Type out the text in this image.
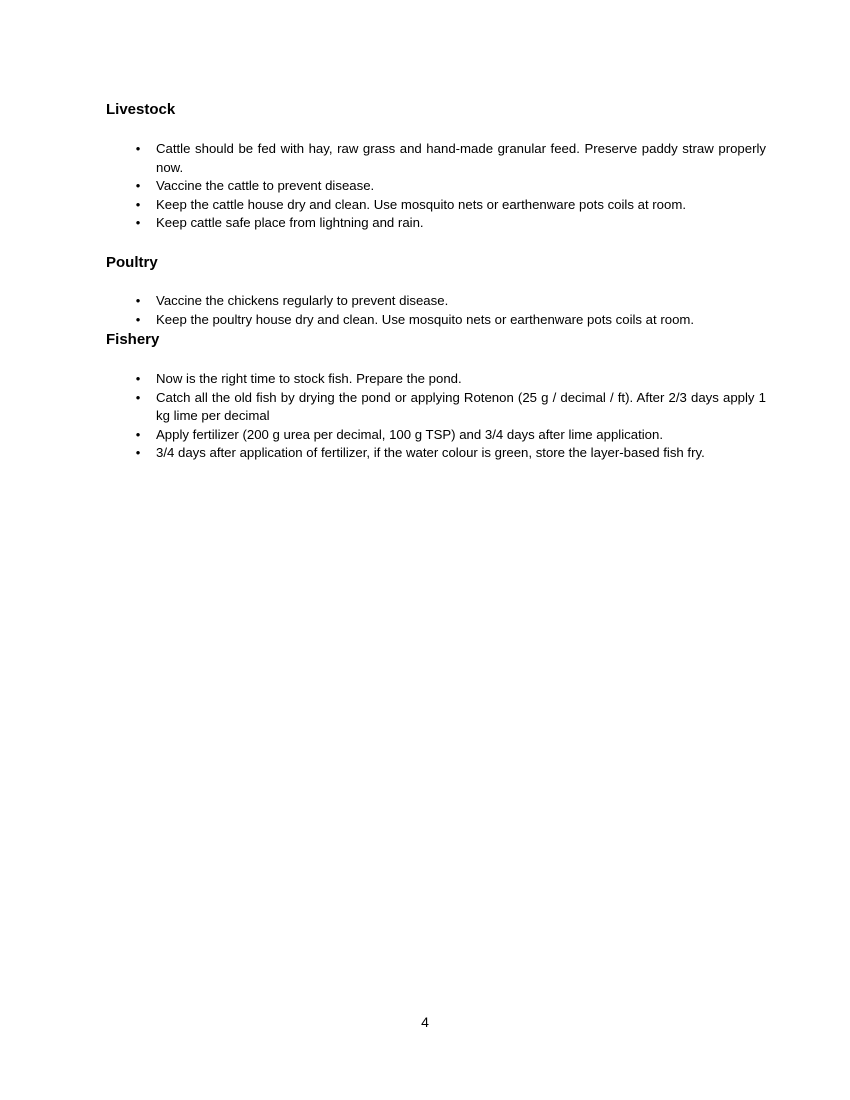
Livestock
•	Cattle should be fed with hay, raw grass and hand-made granular feed. Preserve paddy straw properly now.
•	Vaccine the cattle to prevent disease.
•	Keep the cattle house dry and clean. Use mosquito nets or earthenware pots coils at room.
•	Keep cattle safe place from lightning and rain.
Poultry
•	Vaccine the chickens regularly to prevent disease.
•	Keep the poultry house dry and clean. Use mosquito nets or earthenware pots coils at room.
Fishery
•	Now is the right time to stock fish. Prepare the pond.
•	Catch all the old fish by drying the pond or applying Rotenon (25 g / decimal / ft). After 2/3 days apply 1 kg lime per decimal
•	Apply fertilizer (200 g urea per decimal, 100 g TSP) and 3/4 days after lime application.
•	3/4 days after application of fertilizer, if the water colour is green, store the layer-based fish fry.
4
